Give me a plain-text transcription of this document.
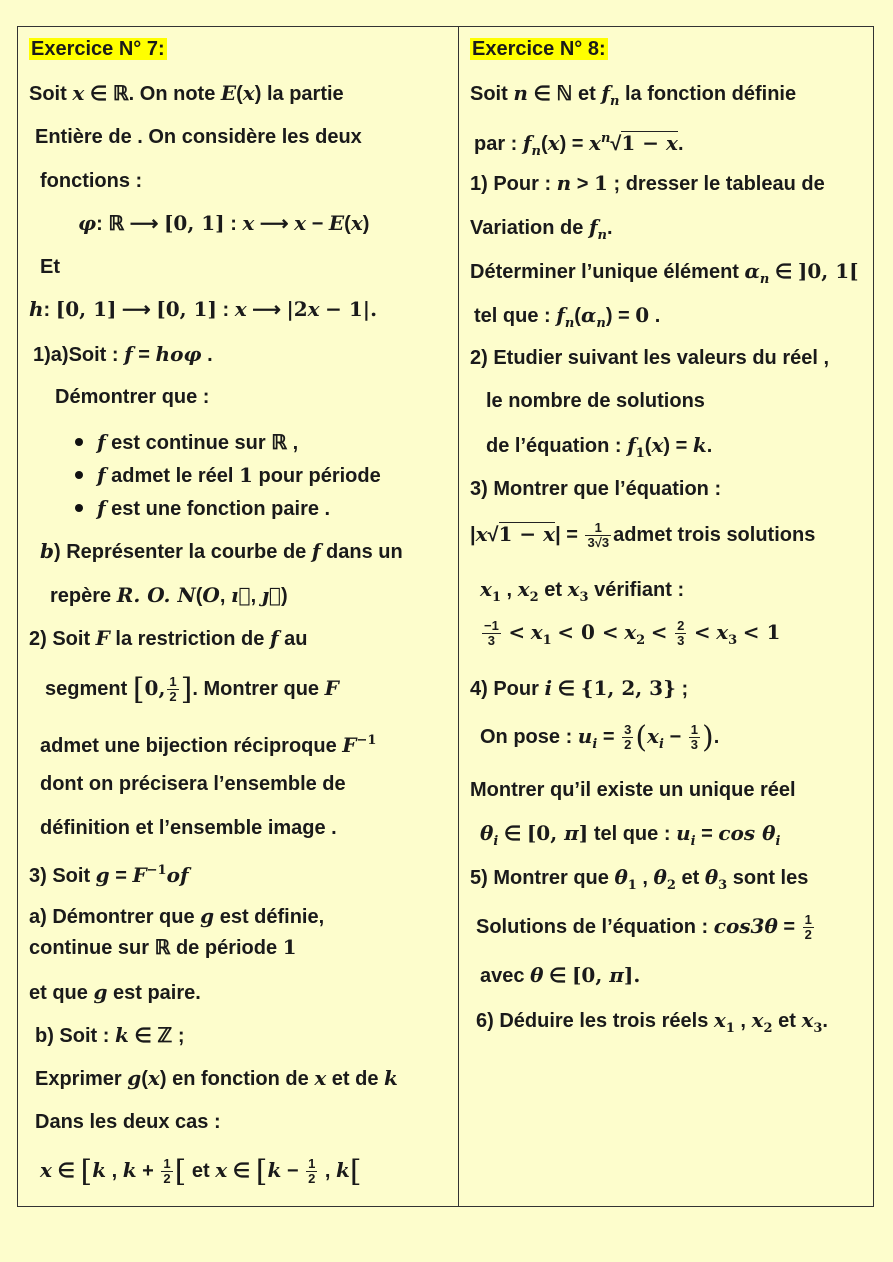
Exercice N° 7:
Soit x ∈ ℝ. On note E(x) la partie
Entière de . On considère les deux
fonctions :
φ: ℝ ⟶ [0, 1] : x ⟶ x − E(x)
Et
h: [0, 1] ⟶ [0, 1] : x ⟶ |2x − 1|.
1)a)Soit : f = hoφ .
Démontrer que :
f est continue sur ℝ ,
f admet le réel 1 pour période
f est une fonction paire .
b) Représenter la courbe de f dans un
repère R. O. N(O, ı⃗, ȷ⃗)
2) Soit F la restriction de f au
segment [0, $\frac{1}{2}$ ]. Montrer que F
admet une bijection réciproque $F^{-1}$
dont on précisera l’ensemble de
définition et l’ensemble image .
3) Soit $g = F^{-1}of$
a) Démontrer que g est définie,
continue sur ℝ de période 1
et que g est paire.
b) Soit : k ∈ ℤ ;
Exprimer g(x) en fonction de x et de k
Dans les deux cas :
x ∈ [k , $k + \frac{1}{2}$ [ et x ∈ [$k - \frac{1}{2}$ , k[
Exercice N° 8:
Soit n ∈ ℕ et $f_n$ la fonction définie
par : $f_n(x) = x^n√1 - x$.
1) Pour : n > 1 ; dresser le tableau de
Variation de $f_n$.
Déterminer l’unique élément $\alpha_n$ ∈ ]0, 1[
tel que : $f_n(\alpha_n) = 0$ .
2) Etudier suivant les valeurs du réel ,
le nombre de solutions
de l’équation : $f_1(x) = k$.
3) Montrer que l’équation :
$|x√1 - x| = \frac{1}{3√3}$ admet trois solutions
$x_1$ , $x_2$ et $x_3$ vérifiant :
$\frac{-1}{3} < x_1 < 0 < x_2 < \frac{2}{3} < x_3 < 1$
4) Pour i ∈ {1, 2, 3} ;
On pose : $u_i = \frac{3}{2} (x_i - \frac{1}{3}$ ).
Montrer qu’il existe un unique réel
$\theta_i$ ∈ [0, π] tel que : $u_i = \cos \theta_i$
5) Montrer que $\theta_1$ , $\theta_2$ et $\theta_3$ sont les
Solutions de l’équation : $\cos 3\theta = \frac{1}{2}$
avec θ ∈ [0, π].
6) Déduire les trois réels $x_1$ , $x_2$ et $x_3$.
